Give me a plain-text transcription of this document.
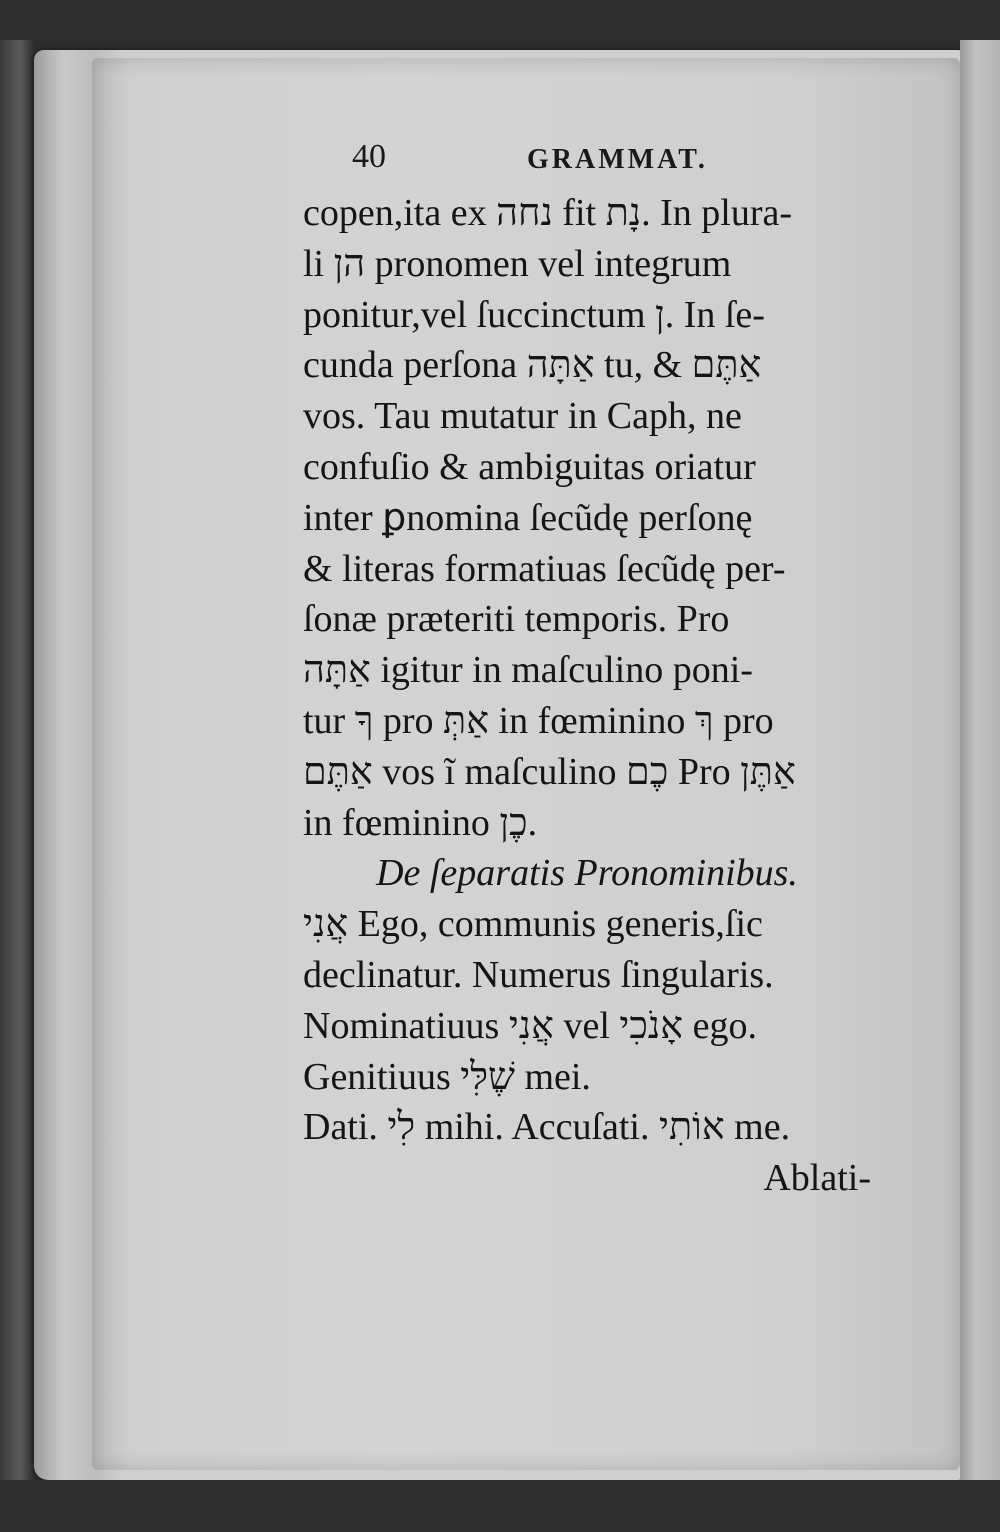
40	GRAMMAT.
copen,ita ex נחה fit נָת. In plura-
li הן pronomen vel integrum
ponitur,vel ſuccinctum ן. In ſe-
cunda perſona אַתָּה tu, & אַתֶּם
vos. Tau mutatur in Caph, ne
confuſio & ambiguitas oriatur
inter ꝑnomina ſecũdę perſonę
& literas formatiuas ſecũdę per-
ſonæ præteriti temporis. Pro
אַתָּה igitur in maſculino poni-
tur ךָ pro אַתְּ in fœminino ךְ pro
אַתֶּם vos ĩ maſculino כֶם Pro אַתֶּן
in fœminino כֶן.
De ſeparatis Pronominibus.
אֲנִי Ego, communis generis,ſic
declinatur. Numerus ſingularis.
Nominatiuus אֲנִי vel אָנֹכִי ego.
Genitiuus שֶׁלִּי mei.
Dati. לִי mihi. Accuſati. אוֹתִי me.
Ablati-
